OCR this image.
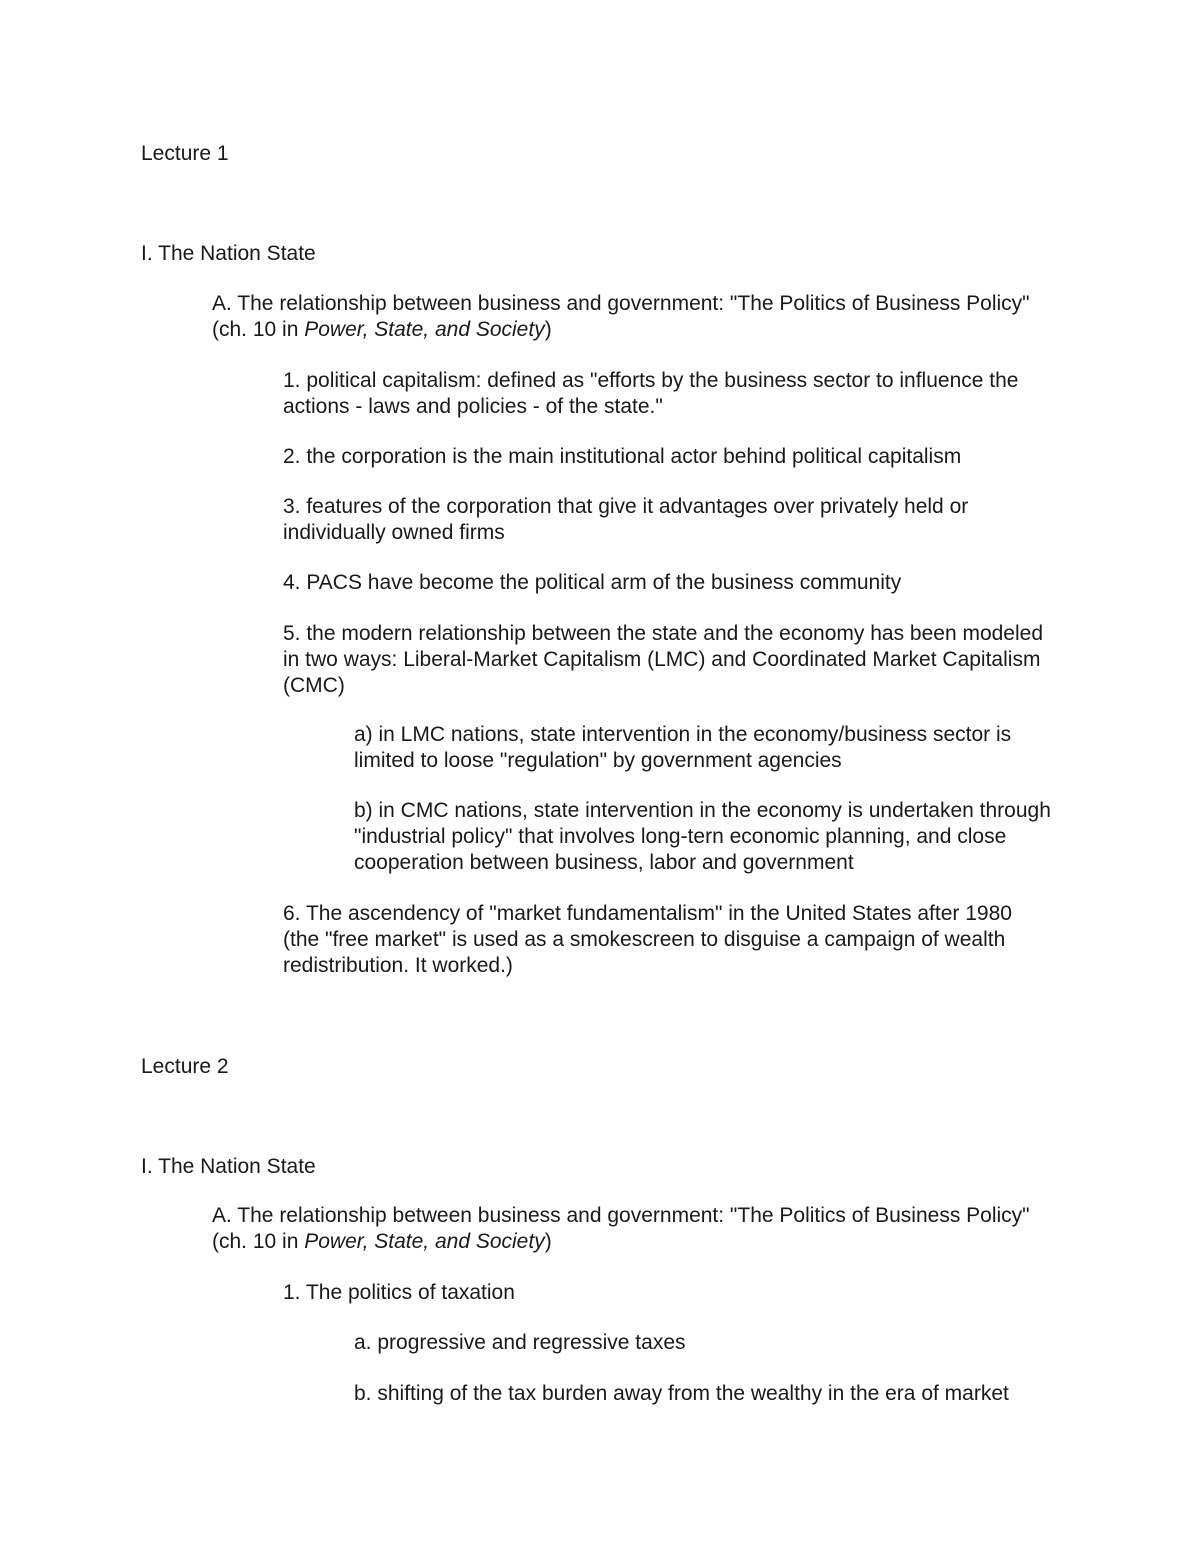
Lecture 1

I. The Nation State

A. The relationship between business and government: "The Politics of Business Policy" (ch. 10 in Power, State, and Society)

1. political capitalism: defined as "efforts by the business sector to influence the actions - laws and policies - of the state."

2. the corporation is the main institutional actor behind political capitalism

3. features of the corporation that give it advantages over privately held or individually owned firms

4. PACS have become the political arm of the business community

5. the modern relationship between the state and the economy has been modeled in two ways: Liberal-Market Capitalism (LMC) and Coordinated Market Capitalism (CMC)

a) in LMC nations, state intervention in the economy/business sector is limited to loose "regulation" by government agencies

b) in CMC nations, state intervention in the economy is undertaken through "industrial policy" that involves long-tern economic planning, and close cooperation between business, labor and government

6. The ascendency of "market fundamentalism" in the United States after 1980 (the "free market" is used as a smokescreen to disguise a campaign of wealth redistribution. It worked.)

Lecture 2

I. The Nation State

A. The relationship between business and government: "The Politics of Business Policy" (ch. 10 in Power, State, and Society)

1. The politics of taxation

a. progressive and regressive taxes

b. shifting of the tax burden away from the wealthy in the era of market
